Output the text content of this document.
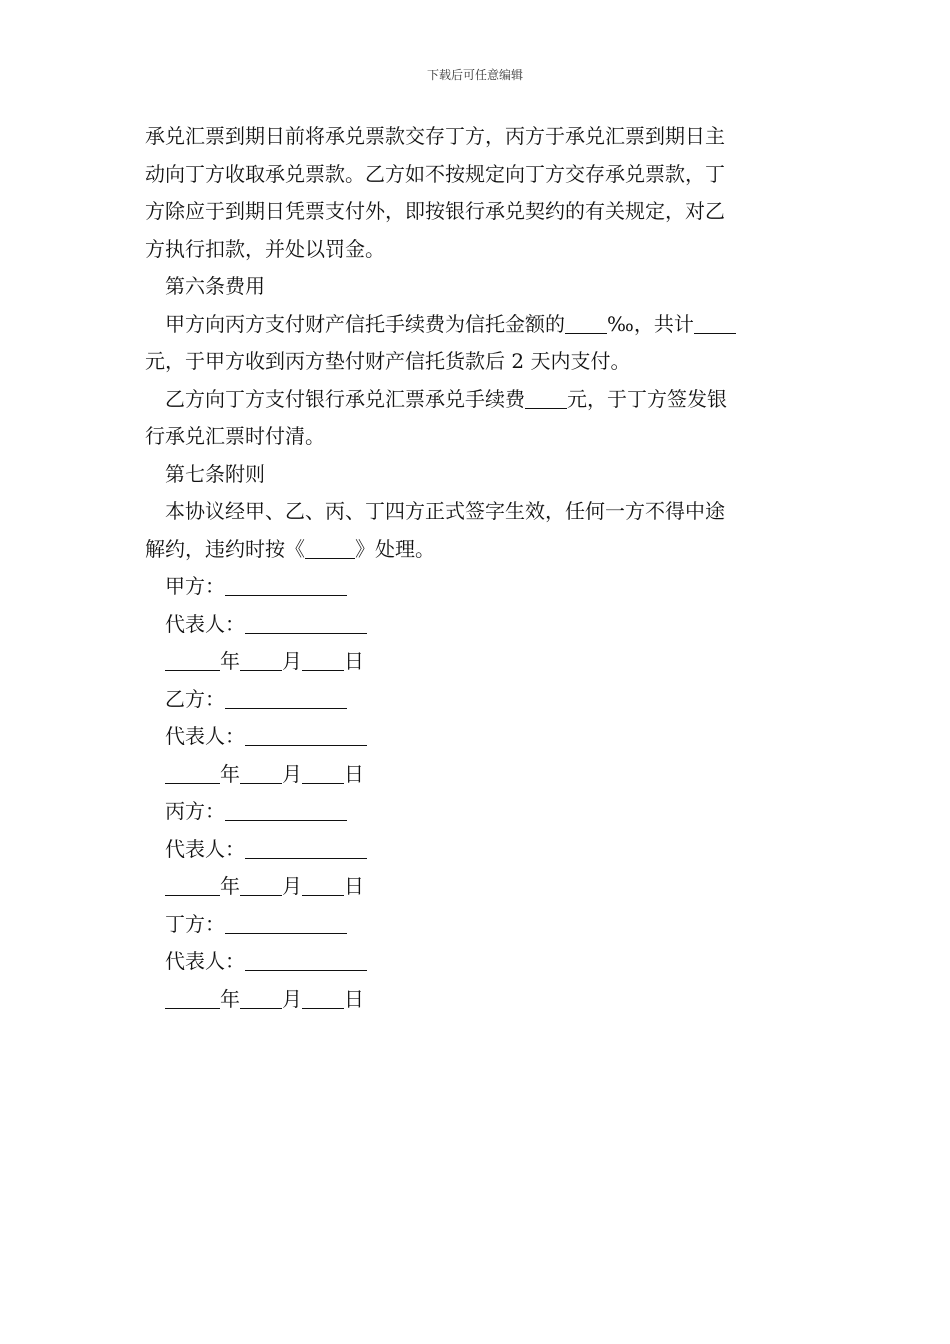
下载后可任意编辑

承兑汇票到期日前将承兑票款交存丁方，丙方于承兑汇票到期日主

动向丁方收取承兑票款。乙方如不按规定向丁方交存承兑票款，丁

方除应于到期日凭票支付外，即按银行承兑契约的有关规定，对乙

方执行扣款，并处以罚金。

第六条费用

甲方向丙方支付财产信托手续费为信托金额的 ‰，共计

元，于甲方收到丙方垫付财产信托货款后 2 天内支付。

乙方向丁方支付银行承兑汇票承兑手续费 元，于丁方签发银

行承兑汇票时付清。

第七条附则

本协议经甲、乙、丙、丁四方正式签字生效，任何一方不得中途

解约，违约时按《	》处理。

甲方：

代表人：

年 月 日

乙方：

代表人：

年 月 日

丙方：

代表人：

年 月 日

丁方：

代表人：

年 月 日
